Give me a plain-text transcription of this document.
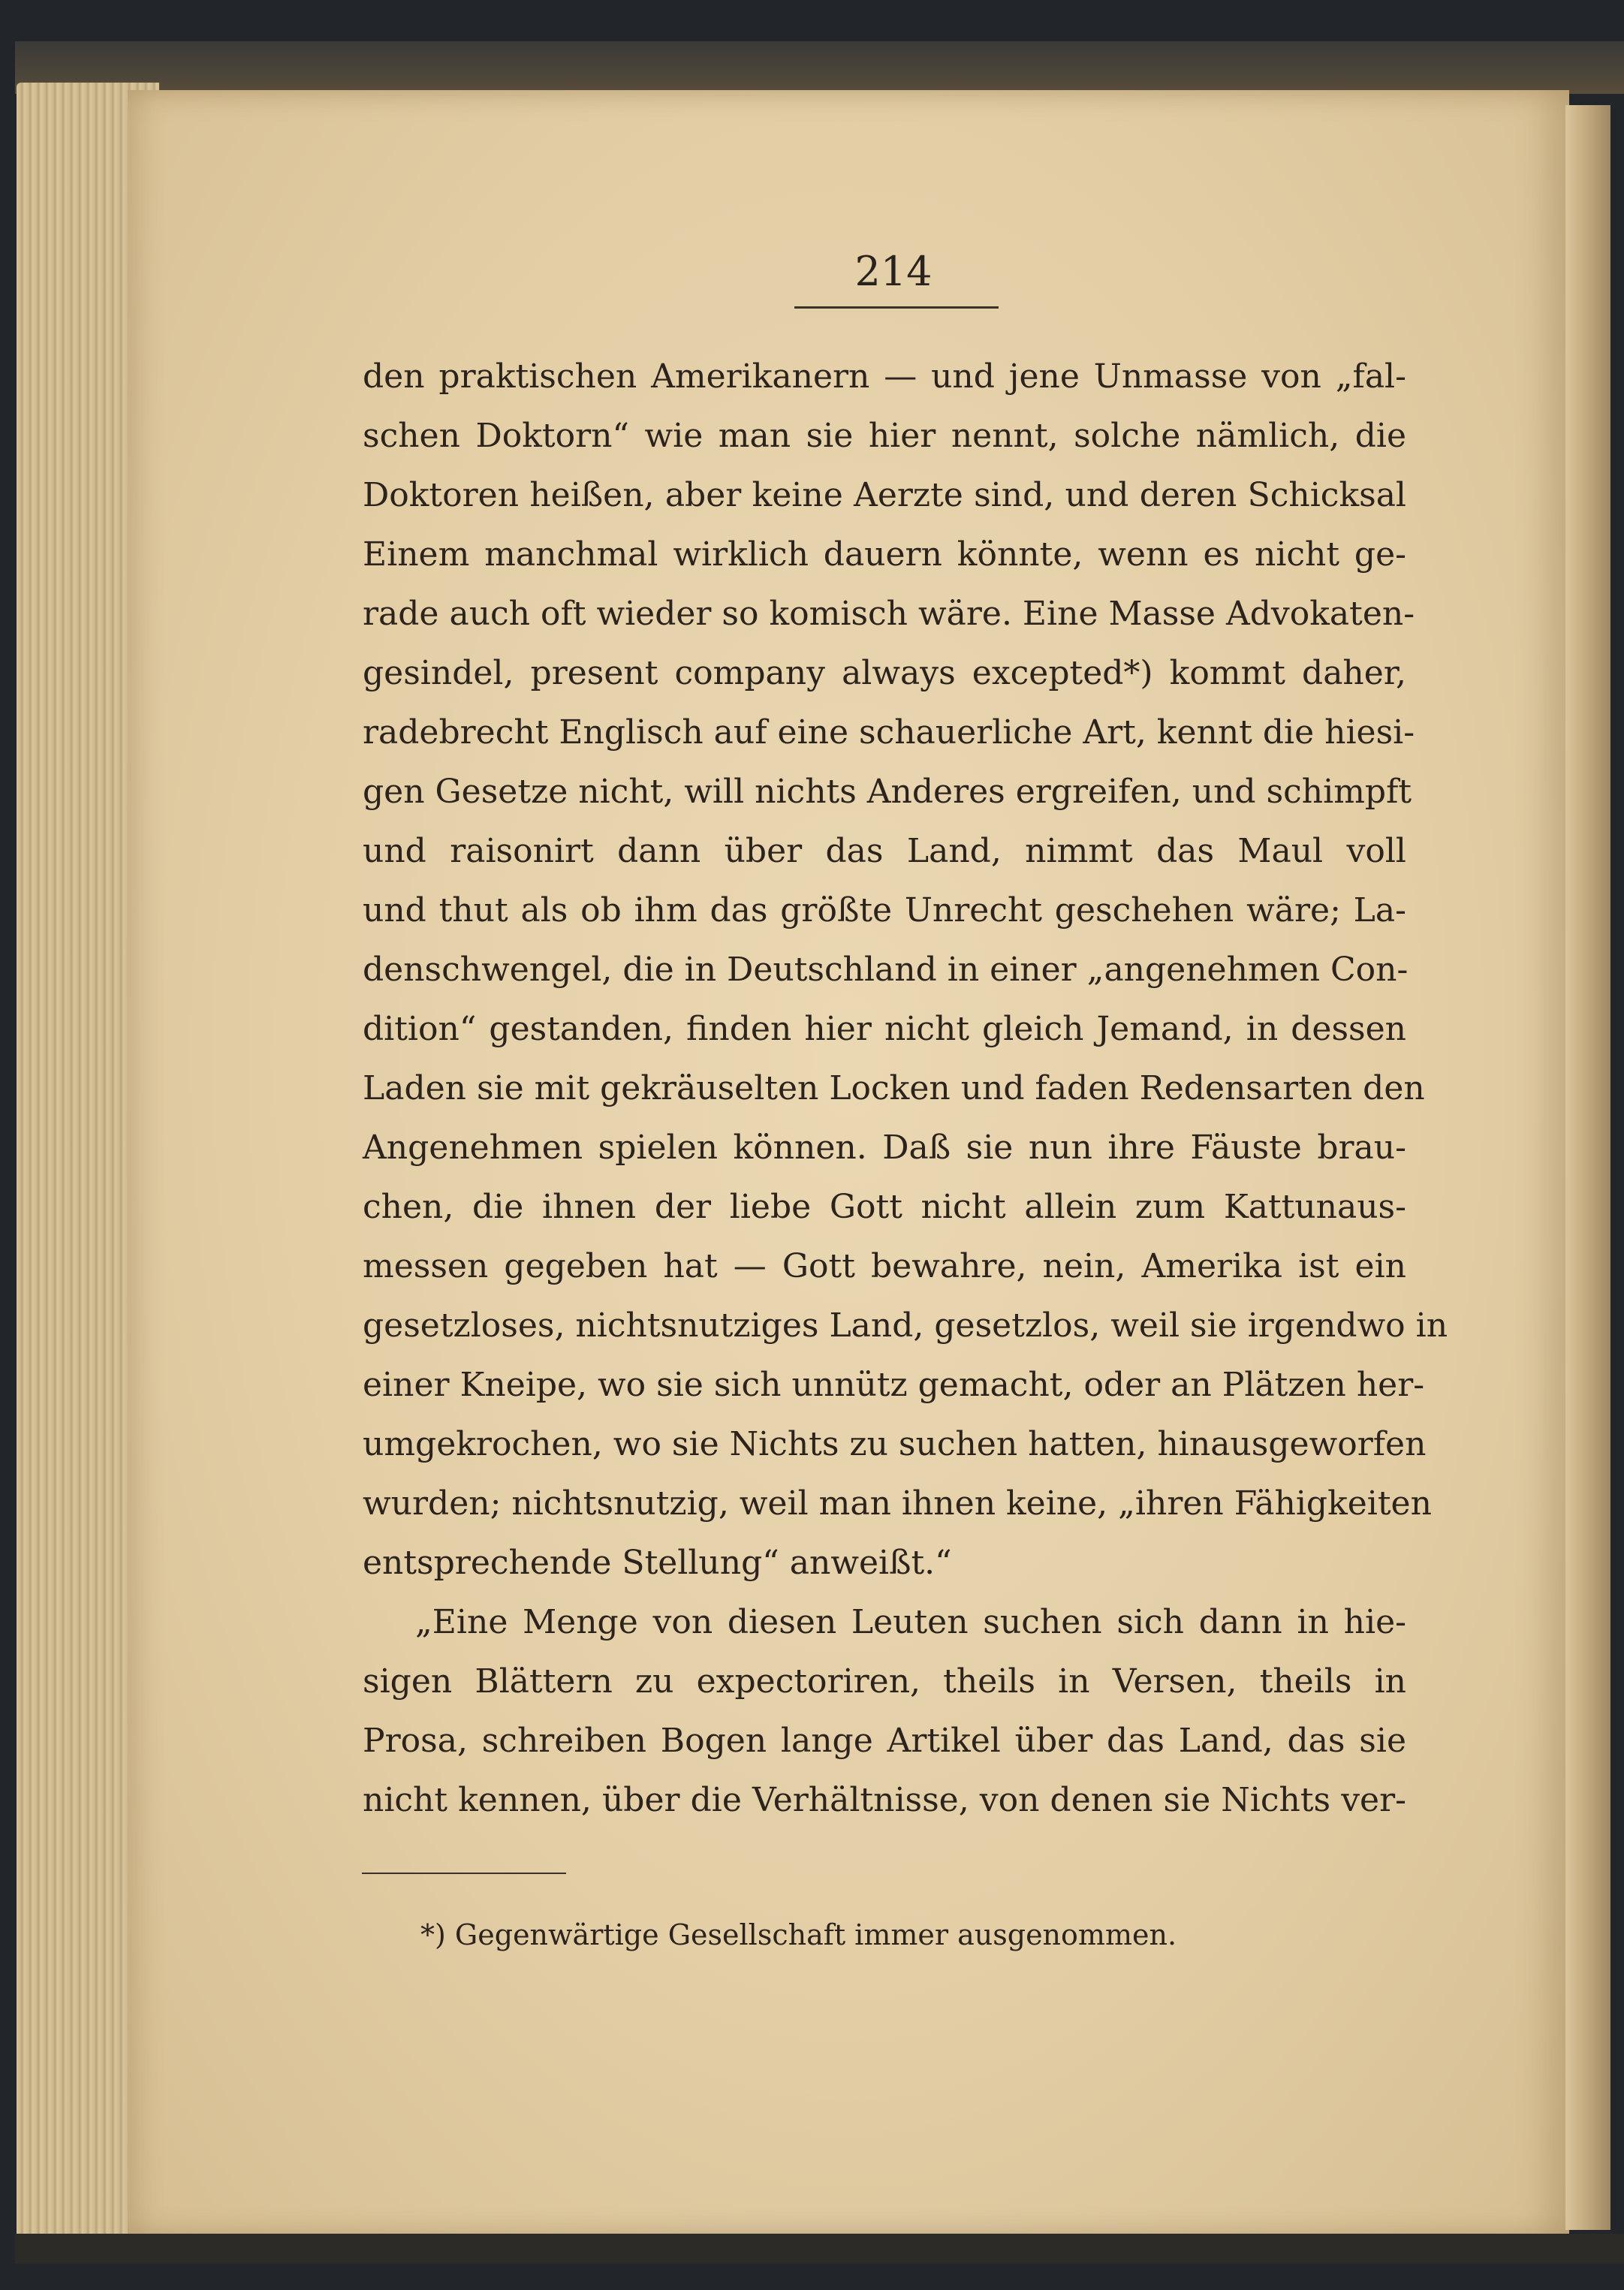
214
den praktischen Amerikanern — und jene Unmasse von „fal-
schen Doktorn“ wie man sie hier nennt, solche nämlich, die
Doktoren heißen, aber keine Aerzte sind, und deren Schicksal
Einem manchmal wirklich dauern könnte, wenn es nicht ge-
rade auch oft wieder so komisch wäre. Eine Masse Advokaten-
gesindel, present company always excepted*) kommt daher,
radebrecht Englisch auf eine schauerliche Art, kennt die hiesi-
gen Gesetze nicht, will nichts Anderes ergreifen, und schimpft
und raisonirt dann über das Land, nimmt das Maul voll
und thut als ob ihm das größte Unrecht geschehen wäre; La-
denschwengel, die in Deutschland in einer „angenehmen Con-
dition“ gestanden, finden hier nicht gleich Jemand, in dessen
Laden sie mit gekräuselten Locken und faden Redensarten den
Angenehmen spielen können. Daß sie nun ihre Fäuste brau-
chen, die ihnen der liebe Gott nicht allein zum Kattunaus-
messen gegeben hat — Gott bewahre, nein, Amerika ist ein
gesetzloses, nichtsnutziges Land, gesetzlos, weil sie irgendwo in
einer Kneipe, wo sie sich unnütz gemacht, oder an Plätzen her-
umgekrochen, wo sie Nichts zu suchen hatten, hinausgeworfen
wurden; nichtsnutzig, weil man ihnen keine, „ihren Fähigkeiten
entsprechende Stellung“ anweißt.“
„Eine Menge von diesen Leuten suchen sich dann in hie-
sigen Blättern zu expectoriren, theils in Versen, theils in
Prosa, schreiben Bogen lange Artikel über das Land, das sie
nicht kennen, über die Verhältnisse, von denen sie Nichts ver-
*) Gegenwärtige Gesellschaft immer ausgenommen.
